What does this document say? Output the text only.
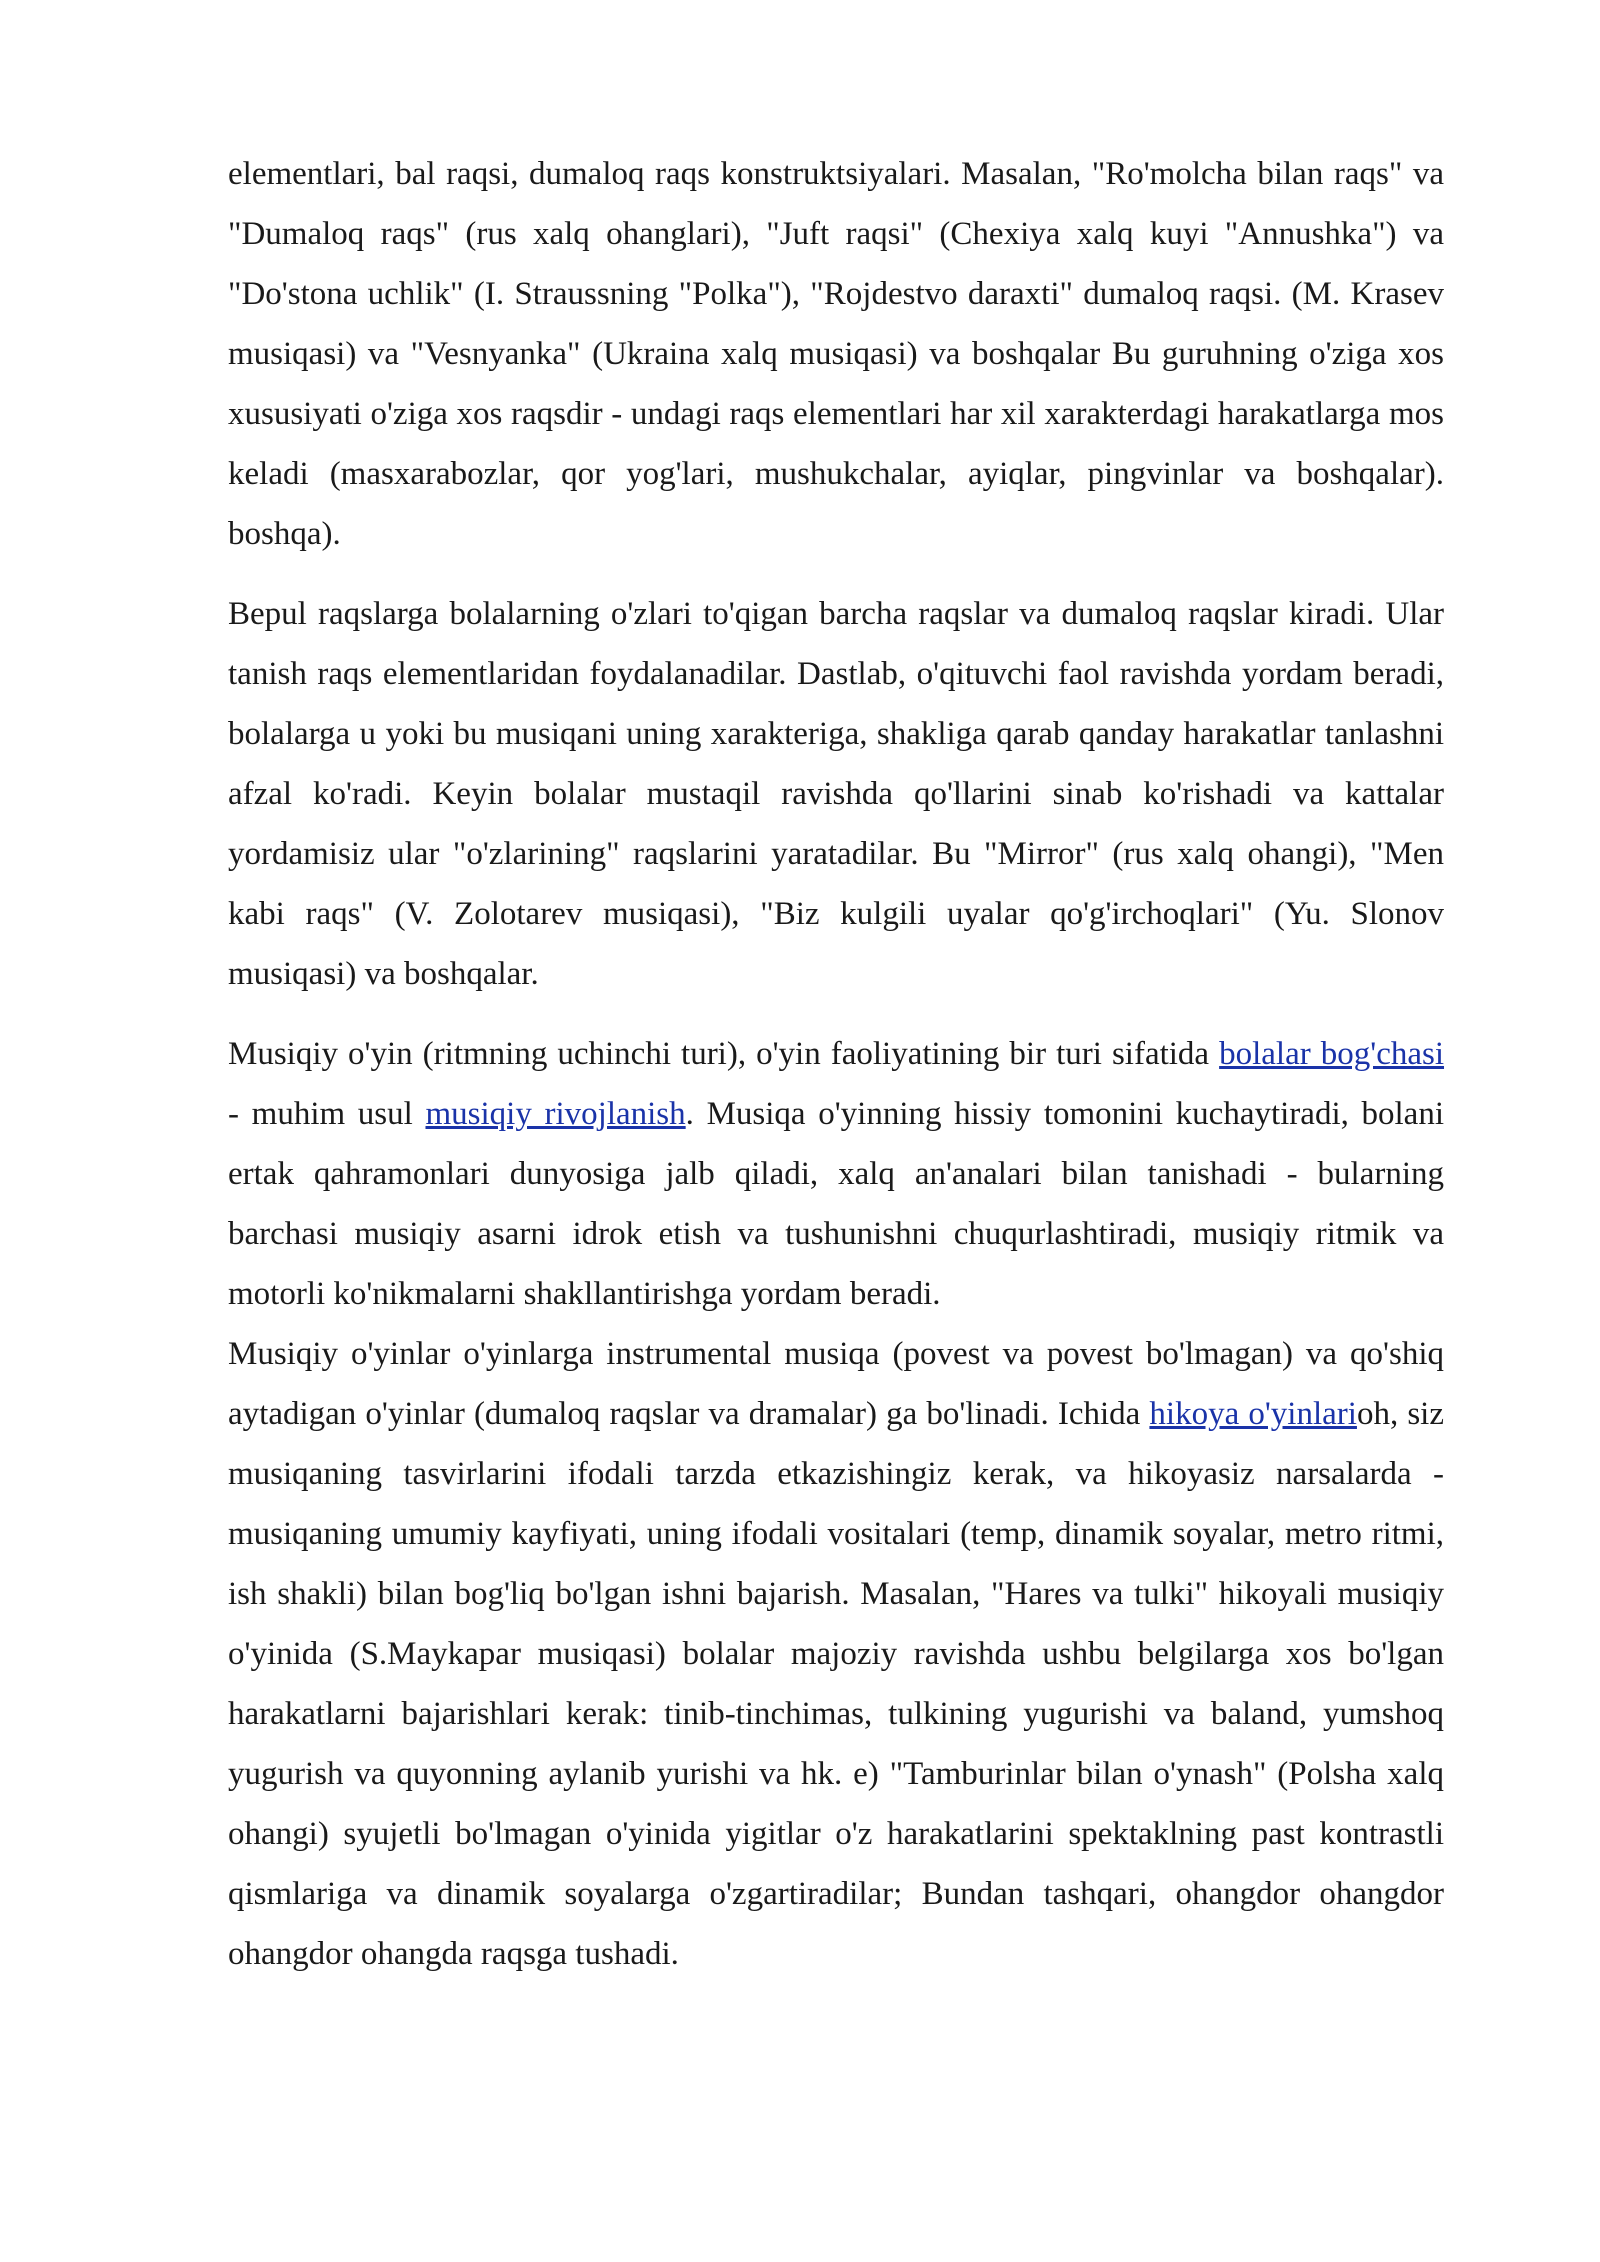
elementlari, bal raqsi, dumaloq raqs konstruktsiyalari. Masalan, "Ro'molcha bilan raqs" va "Dumaloq raqs" (rus xalq ohanglari), "Juft raqsi" (Chexiya xalq kuyi "Annushka") va "Do'stona uchlik" (I. Straussning "Polka"), "Rojdestvo daraxti" dumaloq raqsi. (M. Krasev musiqasi) va "Vesnyanka" (Ukraina xalq musiqasi) va boshqalar Bu guruhning o'ziga xos xususiyati o'ziga xos raqsdir - undagi raqs elementlari har xil xarakterdagi harakatlarga mos keladi (masxarabozlar, qor yog'lari, mushukchalar, ayiqlar, pingvinlar va boshqalar). boshqa).

Bepul raqslarga bolalarning o'zlari to'qigan barcha raqslar va dumaloq raqslar kiradi. Ular tanish raqs elementlaridan foydalanadilar. Dastlab, o'qituvchi faol ravishda yordam beradi, bolalarga u yoki bu musiqani uning xarakteriga, shakliga qarab qanday harakatlar tanlashni afzal ko'radi. Keyin bolalar mustaqil ravishda qo'llarini sinab ko'rishadi va kattalar yordamisiz ular "o'zlarining" raqslarini yaratadilar. Bu "Mirror" (rus xalq ohangi), "Men kabi raqs" (V. Zolotarev musiqasi), "Biz kulgili uyalar qo'g'irchoqlari" (Yu. Slonov musiqasi) va boshqalar.

Musiqiy o'yin (ritmning uchinchi turi), o'yin faoliyatining bir turi sifatida bolalar bog'chasi  - muhim usul musiqiy rivojlanish. Musiqa o'yinning hissiy tomonini kuchaytiradi, bolani ertak qahramonlari dunyosiga jalb qiladi, xalq an'analari bilan tanishadi - bularning barchasi musiqiy asarni idrok etish va tushunishni chuqurlashtiradi, musiqiy ritmik va motorli ko'nikmalarni shakllantirishga yordam beradi.

Musiqiy o'yinlar o'yinlarga instrumental musiqa (povest va povest bo'lmagan) va qo'shiq aytadigan o'yinlar (dumaloq raqslar va dramalar) ga bo'linadi. Ichida hikoya o'yinlarioh, siz musiqaning tasvirlarini ifodali tarzda etkazishingiz kerak, va hikoyasiz narsalarda - musiqaning umumiy kayfiyati, uning ifodali vositalari (temp, dinamik soyalar, metro ritmi, ish shakli) bilan bog'liq bo'lgan ishni bajarish. Masalan, "Hares va tulki" hikoyali musiqiy o'yinida (S.Maykapar musiqasi) bolalar majoziy ravishda ushbu belgilarga xos bo'lgan harakatlarni bajarishlari kerak: tinib-tinchimas, tulkining yugurishi va baland, yumshoq yugurish va quyonning aylanib yurishi va hk. e) "Tamburinlar bilan o'ynash" (Polsha xalq ohangi) syujetli bo'lmagan o'yinida yigitlar o'z harakatlarini spektaklning past kontrastli qismlariga va dinamik soyalarga o'zgartiradilar; Bundan tashqari, ohangdor ohangdor ohangdor ohangda raqsga tushadi.
